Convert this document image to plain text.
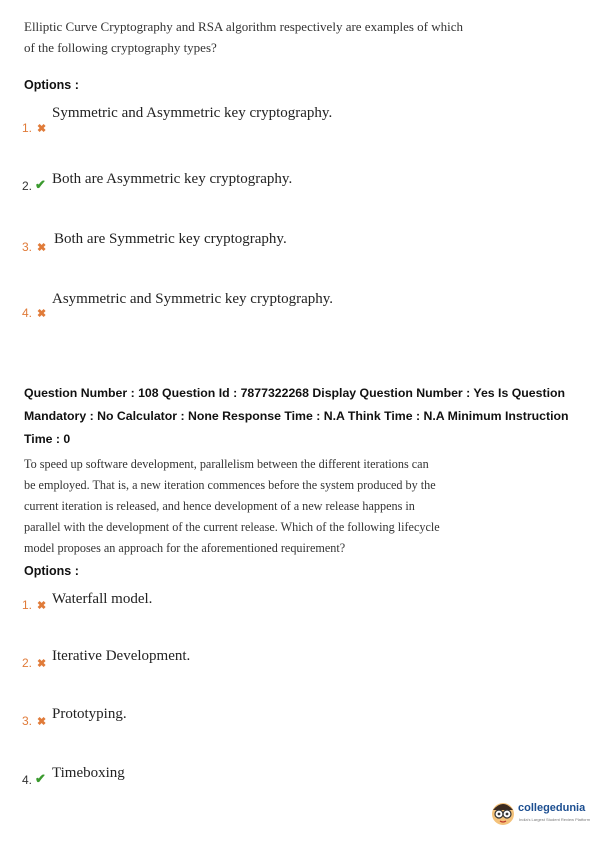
Elliptic Curve Cryptography and RSA algorithm respectively are examples of which
of the following cryptography types?
Options :
1. ✖
Symmetric and Asymmetric key cryptography.
2. ✔ Both are Asymmetric key cryptography.
3. ✖
Both are Symmetric key cryptography.
4. ✖
Asymmetric and Symmetric key cryptography.
Question Number : 108 Question Id : 7877322268 Display Question Number : Yes Is Question
Mandatory : No Calculator : None Response Time : N.A Think Time : N.A Minimum Instruction
Time : 0
To speed up software development, parallelism between the different iterations can
be employed. That is, a new iteration commences before the system produced by the
current iteration is released, and hence development of a new release happens in
parallel with the development of the current release. Which of the following lifecycle
model proposes an approach for the aforementioned requirement?
Options :
1. ✖ Waterfall model.
2. ✖ Iterative Development.
3. ✖ Prototyping.
4. ✔ Timeboxing
collegedunia
India's Largest Student Review Platform
